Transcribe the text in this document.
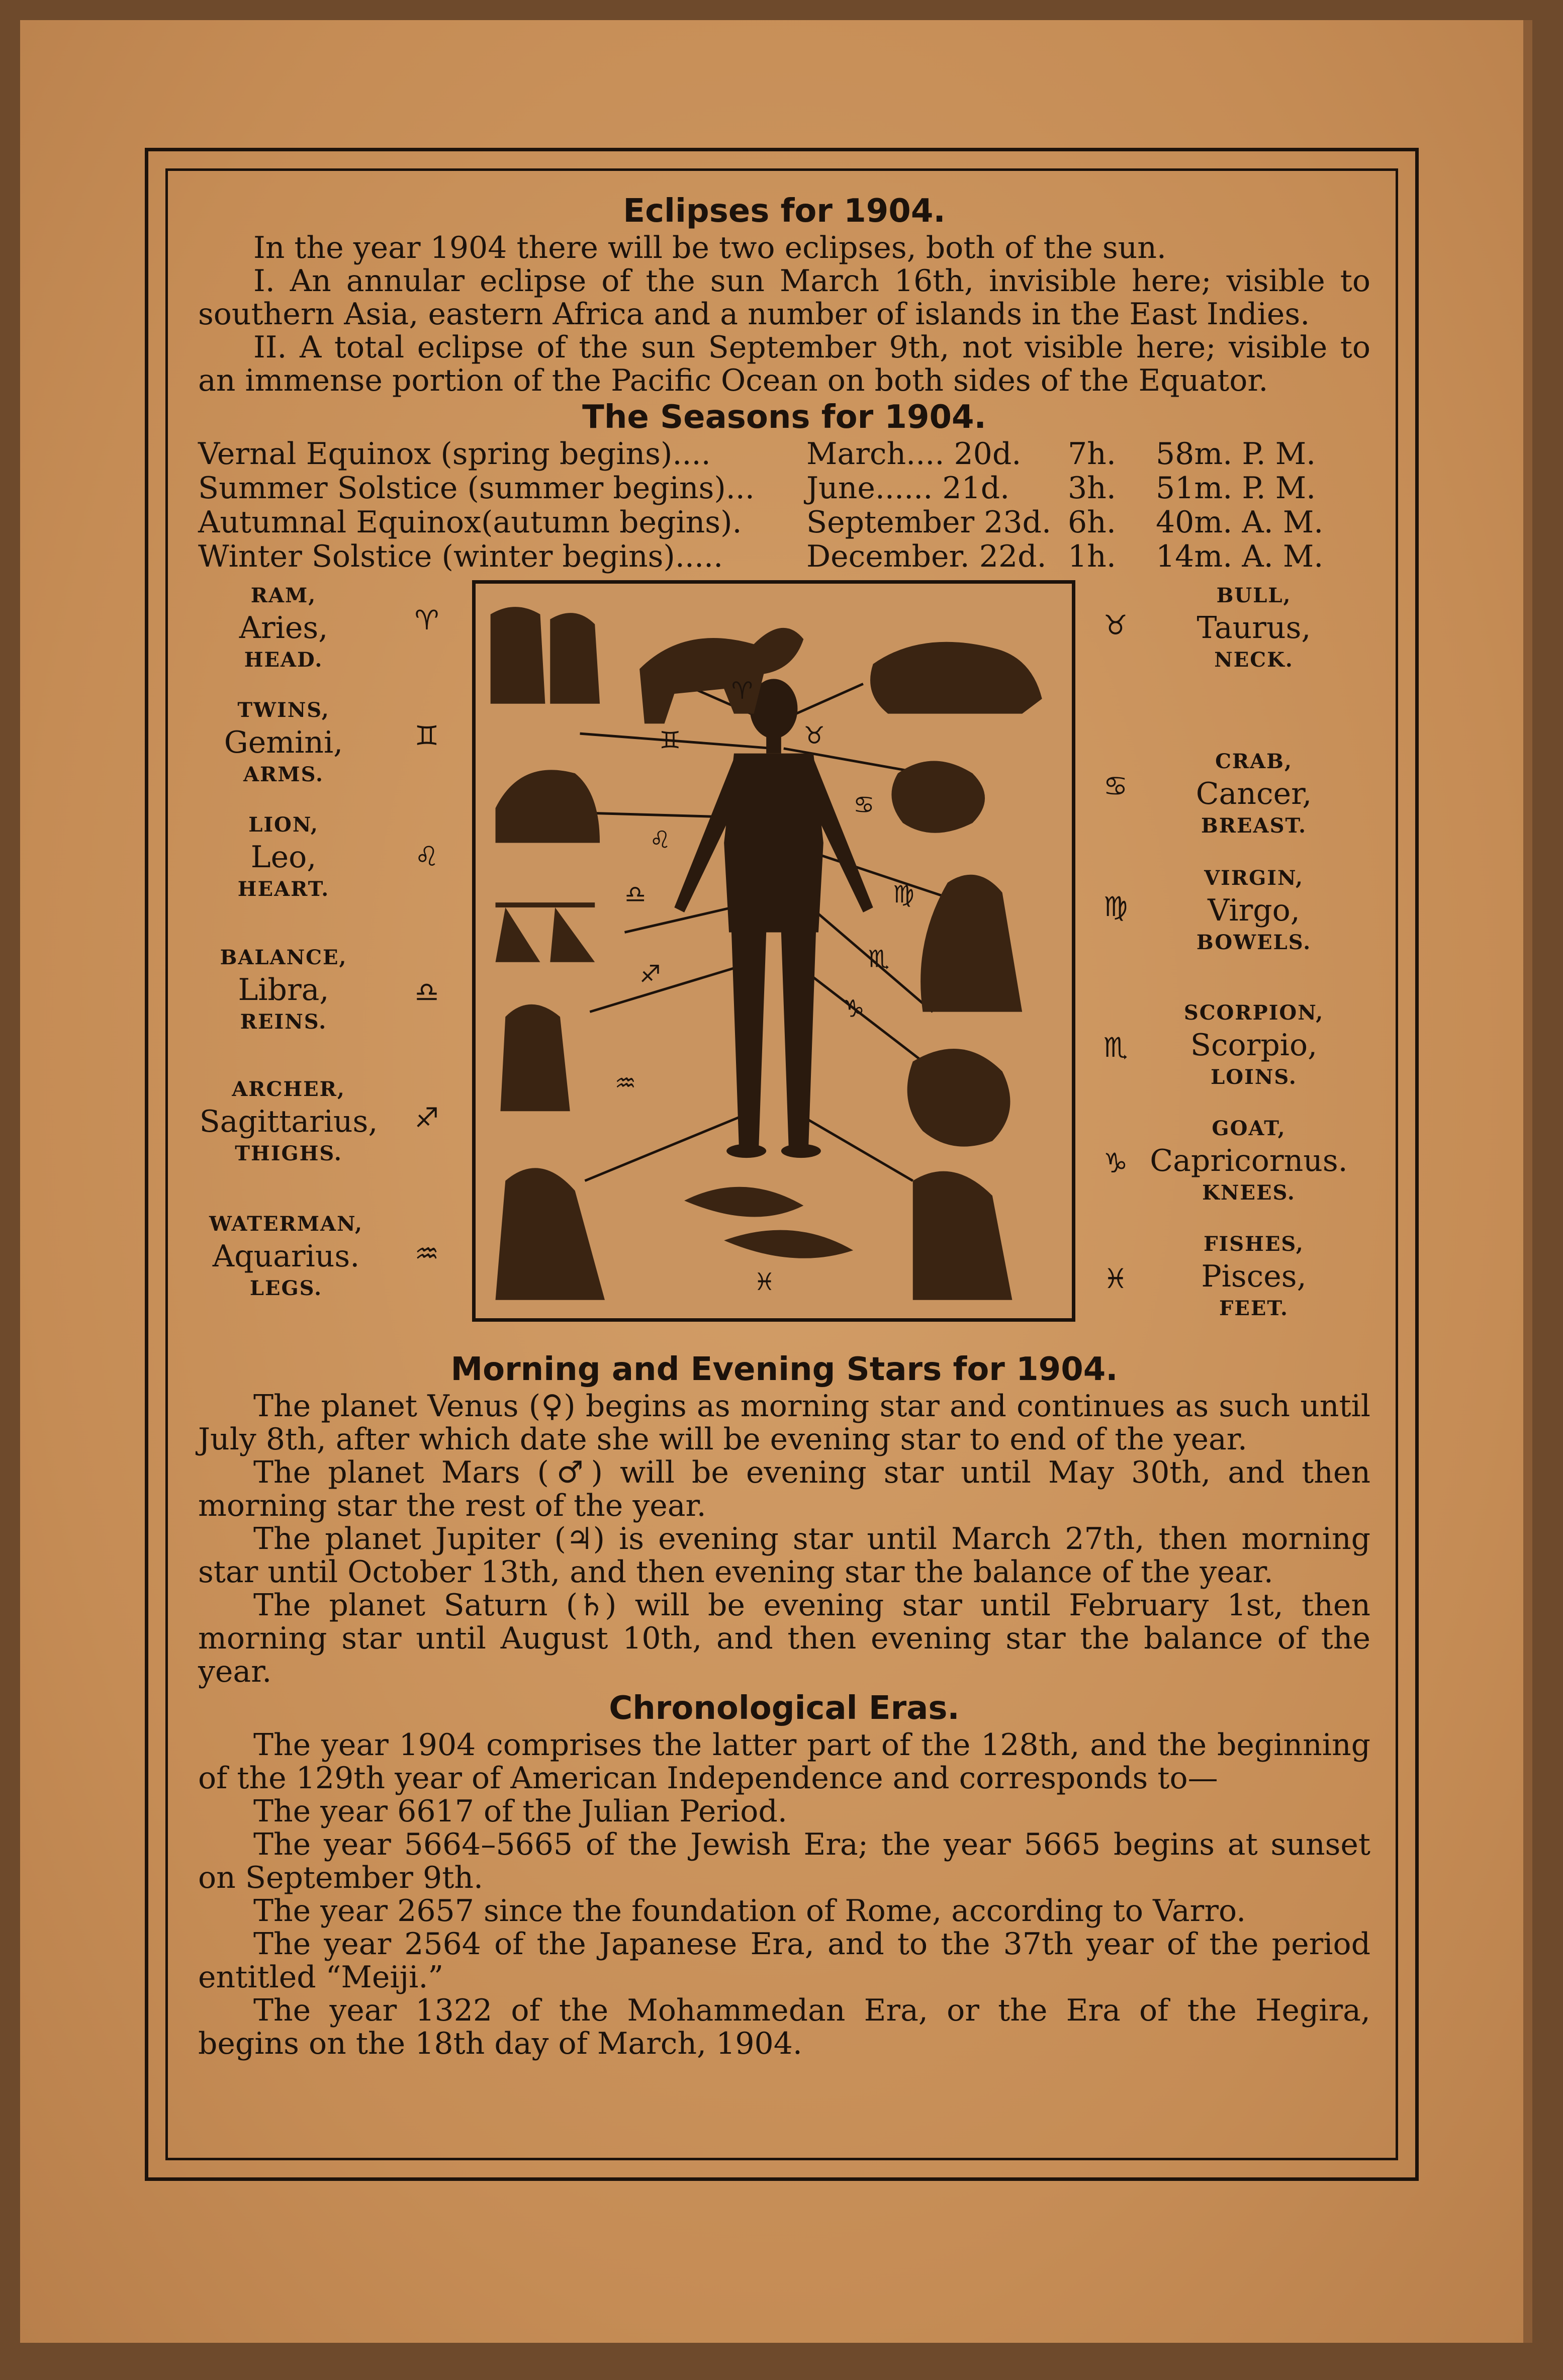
Eclipses for 1904.

In the year 1904 there will be two eclipses, both of the sun.

I. An annular eclipse of the sun March 16th, invisible here; visible to southern Asia, eastern Africa and a number of islands in the East Indies.

II. A total eclipse of the sun September 9th, not visible here; visible to an immense portion of the Pacific Ocean on both sides of the Equator.

The Seasons for 1904.
Vernal Equinox (spring begins)....	March.... 20d.	7h.	58m. P. M.
Summer Solstice (summer begins)...	June...... 21d.	3h.	51m. P. M.
Autumnal Equinox(autumn begins).	September 23d. 6h.	40m. A. M.
Winter Solstice (winter begins).....	December. 22d. 1h.	14m. A. M.
RAM,
Aries,
HEAD.
TWINS,
Gemini,
ARMS.
LION,
Leo,
HEART.
BALANCE,
Libra,
REINS.
ARCHER,
Sagittarius,
THIGHS.
WATERMAN,
Aquarius.
LEGS.
♈
♊
♌
♎
♐
♒
♈
♉
♊
♋
♌
♍
♎
♏
♐
♑
♒
♓
♉
♋
♍
♏
♑
♓
BULL,
Taurus,
NECK.
CRAB,
Cancer,
BREAST.
VIRGIN,
Virgo,
BOWELS.
SCORPION,
Scorpio,
LOINS.
GOAT,
Capricornus.
KNEES.
FISHES,
Pisces,
FEET.
Morning and Evening Stars for 1904.

The planet Venus (♀) begins as morning star and continues as such until July 8th, after which date she will be evening star to end of the year.

The planet Mars (♂) will be evening star until May 30th, and then morning star the rest of the year.

The planet Jupiter (♃) is evening star until March 27th, then morning star until October 13th, and then evening star the balance of the year.

The planet Saturn (♄) will be evening star until February 1st, then morning star until August 10th, and then evening star the balance of the year.

Chronological Eras.

The year 1904 comprises the latter part of the 128th, and the beginning of the 129th year of American Independence and corresponds to—

The year 6617 of the Julian Period.

The year 5664–5665 of the Jewish Era; the year 5665 begins at sunset on September 9th.

The year 2657 since the foundation of Rome, according to Varro.

The year 2564 of the Japanese Era, and to the 37th year of the period entitled “Meiji.”

The year 1322 of the Mohammedan Era, or the Era of the Hegira, begins on the 18th day of March, 1904.
